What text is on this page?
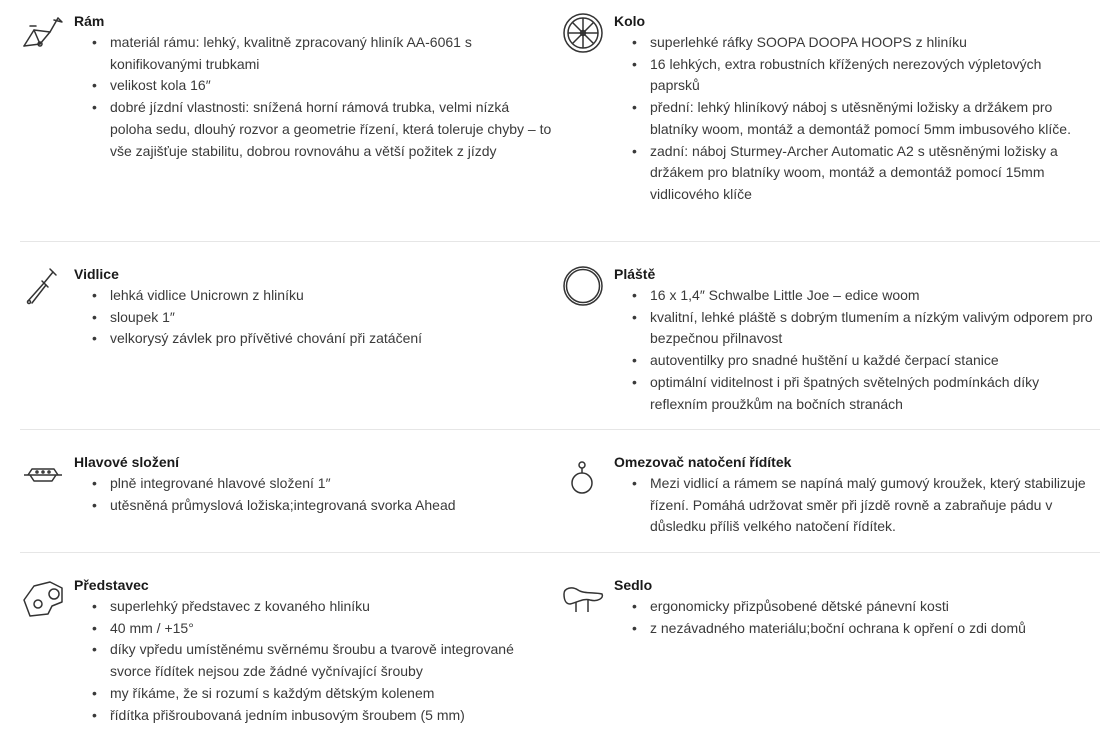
Rám
• materiál rámu: lehký, kvalitně zpracovaný hliník AA-6061 s konifikovanými trubkami
• velikost kola 16″
• dobré jízdní vlastnosti: snížená horní rámová trubka, velmi nízká poloha sedu, dlouhý rozvor a geometrie řízení, která toleruje chyby – to vše zajišťuje stabilitu, dobrou rovnováhu a větší požitek z jízdy
Kolo
• superlehké ráfky SOOPA DOOPA HOOPS z hliníku
• 16 lehkých, extra robustních křížených nerezových výpletových paprsků
• přední: lehký hliníkový náboj s utěsněnými ložisky a držákem pro blatníky woom, montáž a demontáž pomocí 5mm imbusového klíče.
• zadní: náboj Sturmey-Archer Automatic A2 s utěsněnými ložisky a držákem pro blatníky woom, montáž a demontáž pomocí 15mm vidlicového klíče
Vidlice
• lehká vidlice Unicrown z hliníku
• sloupek 1″
• velkorysý závlek pro přívětivé chování při zatáčení
Pláště
• 16 x 1,4″ Schwalbe Little Joe – edice woom
• kvalitní, lehké pláště s dobrým tlumením a nízkým valivým odporem pro bezpečnou přilnavost
• autoventilky pro snadné huštění u každé čerpací stanice
• optimální viditelnost i při špatných světelných podmínkách díky reflexním proužkům na bočních stranách
Hlavové složení
• plně integrované hlavové složení 1″
• utěsněná průmyslová ložiska;integrovaná svorka Ahead
Omezovač natočení řídítek
• Mezi vidlicí a rámem se napíná malý gumový kroužek, který stabilizuje řízení. Pomáhá udržovat směr při jízdě rovně a zabraňuje pádu v důsledku příliš velkého natočení řídítek.
Představec
• superlehký představec z kovaného hliníku
• 40 mm / +15°
• díky vpředu umístěnému svěrnému šroubu a tvarově integrované svorce řídítek nejsou zde žádné vyčnívající šrouby
• my říkáme, že si rozumí s každým dětským kolenem
• řídítka přišroubovaná jedním inbusovým šroubem (5 mm)
Sedlo
• ergonomicky přizpůsobené dětské pánevní kosti
• z nezávadného materiálu;boční ochrana k opření o zdi domů
